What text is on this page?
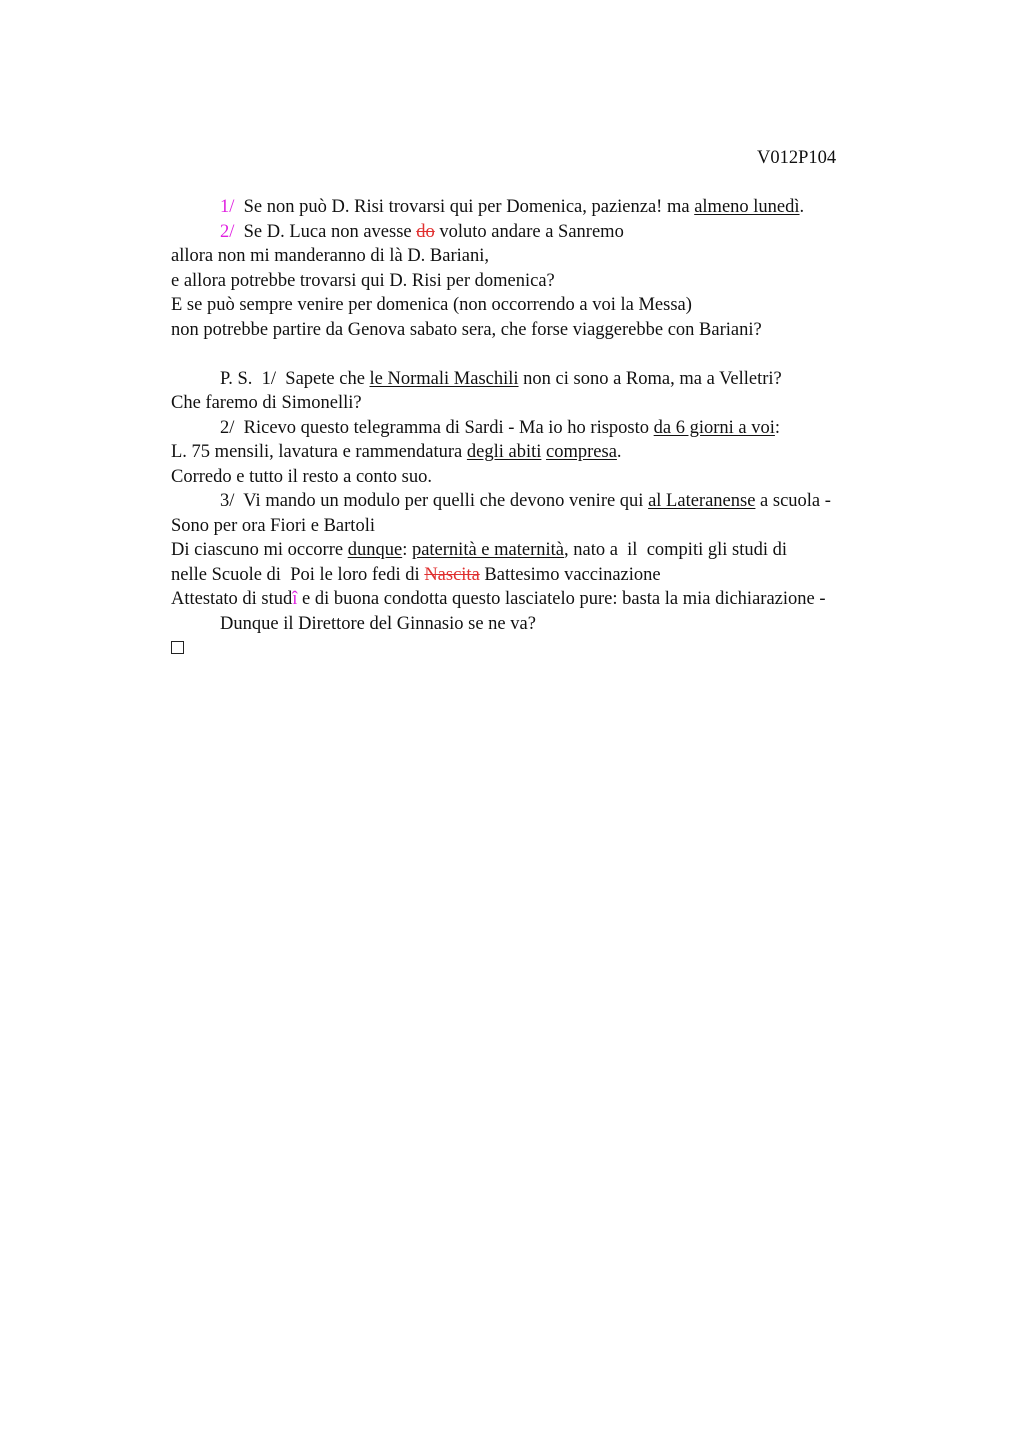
V012P104
1/ Se non può D. Risi trovarsi qui per Domenica, pazienza! ma almeno lunedì.
2/ Se D. Luca non avesse do voluto andare a Sanremo
allora non mi manderanno di là D. Bariani,
e allora potrebbe trovarsi qui D. Risi per domenica?
E se può sempre venire per domenica (non occorrendo a voi la Messa)
non potrebbe partire da Genova sabato sera, che forse viaggerebbe con Bariani?
P. S.  1/  Sapete che le Normali Maschili non ci sono a Roma, ma a Velletri?
Che faremo di Simonelli?
2/  Ricevo questo telegramma di Sardi - Ma io ho risposto da 6 giorni a voi:
L. 75 mensili, lavatura e rammendatura degli abiti compresa.
Corredo e tutto il resto a conto suo.
3/  Vi mando un modulo per quelli che devono venire qui al Lateranense a scuola -
Sono per ora Fiori e Bartoli
Di ciascuno mi occorre dunque: paternità e maternità, nato a  il  compiti gli studi di
nelle Scuole di  Poi le loro fedi di Nascita Battesimo vaccinazione
Attestato di studî e di buona condotta questo lasciatelo pure: basta la mia dichiarazione -
Dunque il Direttore del Ginnasio se ne va?
